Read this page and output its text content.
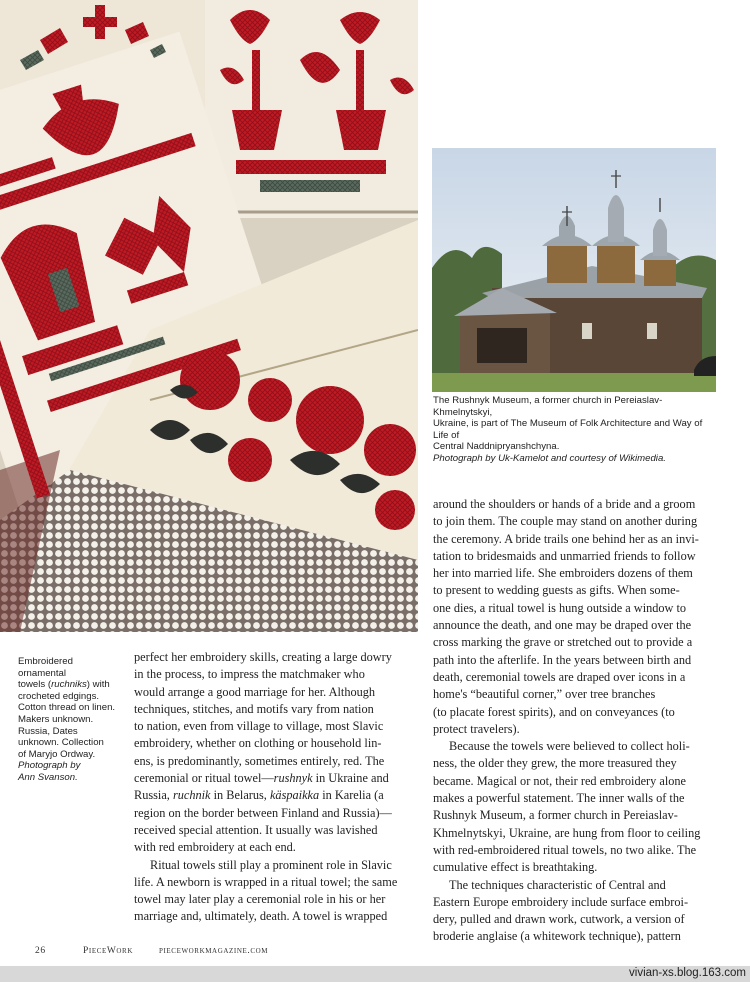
The Rushnyk Museum, a former church in Pereiaslav-Khmelnytskyi,
Ukraine, is part of The Museum of Folk Architecture and Way of Life of
Central Naddnipryanshchyna.
Photograph by Uk-Kamelot and courtesy of Wikimedia.
Embroidered ornamental
towels (ruchniks) with
crocheted edgings.
Cotton thread on linen.
Makers unknown.
Russia, Dates
unknown. Collection
of Maryjo Ordway.
Photograph by
Ann Svanson.
perfect her embroidery skills, creating a large dowry
in the process, to impress the matchmaker who
would arrange a good marriage for her. Although
techniques, stitches, and motifs vary from nation
to nation, even from village to village, most Slavic
embroidery, whether on clothing or household lin-
ens, is predominantly, sometimes entirely, red. The
ceremonial or ritual towel—rushnyk in Ukraine and
Russia, ruchnik in Belarus, käspaikka in Karelia (a
region on the border between Finland and Russia)—
received special attention. It usually was lavished
with red embroidery at each end.
Ritual towels still play a prominent role in Slavic
life. A newborn is wrapped in a ritual towel; the same
towel may later play a ceremonial role in his or her
marriage and, ultimately, death. A towel is wrapped
around the shoulders or hands of a bride and a groom
to join them. The couple may stand on another during
the ceremony. A bride trails one behind her as an invi-
tation to bridesmaids and unmarried friends to follow
her into married life. She embroiders dozens of them
to present to wedding guests as gifts. When some-
one dies, a ritual towel is hung outside a window to
announce the death, and one may be draped over the
cross marking the grave or stretched out to provide a
path into the afterlife. In the years between birth and
death, ceremonial towels are draped over icons in a
home's “beautiful corner,” over tree branches
(to placate forest spirits), and on conveyances (to
protect travelers).
Because the towels were believed to collect holi-
ness, the older they grew, the more treasured they
became. Magical or not, their red embroidery alone
makes a powerful statement. The inner walls of the
Rushnyk Museum, a former church in Pereiaslav-
Khmelnytskyi, Ukraine, are hung from floor to ceiling
with red-embroidered ritual towels, no two alike. The
cumulative effect is breathtaking.
The techniques characteristic of Central and
Eastern Europe embroidery include surface embroi-
dery, pulled and drawn work, cutwork, a version of
broderie anglaise (a whitework technique), pattern
26	PieceWork	pieceworkmagazine.com
vivian-xs.blog.163.com
